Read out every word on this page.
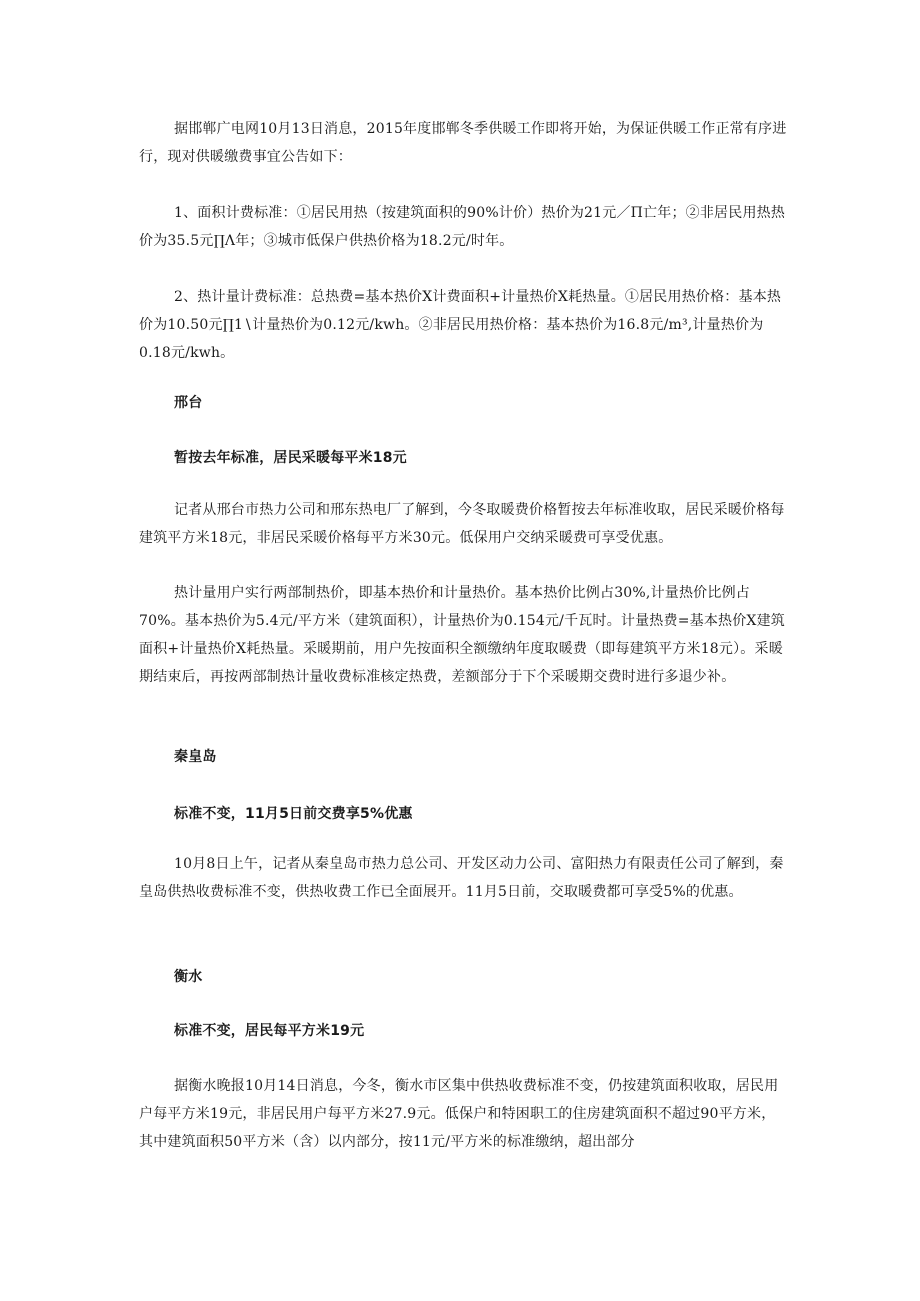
据邯郸广电网10月13日消息，2015年度邯郸冬季供暖工作即将开始，为保证供暖工作正常有序进行，现对供暖缴费事宜公告如下：

1、面积计费标准：①居民用热（按建筑面积的90%计价）热价为21元／Π亡年；②非居民用热热价为35.5元∏Λ年；③城市低保户供热价格为18.2元/时年。

2、热计量计费标准：总热费=基本热价X计费面积+计量热价X耗热量。①居民用热价格：基本热价为10.50元∏1∖计量热价为0.12元/kwh。②非居民用热价格：基本热价为16.8元/m³,计量热价为0.18元/kwh。

邢台

暂按去年标准，居民采暖每平米18元

记者从邢台市热力公司和邢东热电厂了解到，今冬取暖费价格暂按去年标准收取，居民采暖价格每建筑平方米18元，非居民采暖价格每平方米30元。低保用户交纳采暖费可享受优惠。

热计量用户实行两部制热价，即基本热价和计量热价。基本热价比例占30%,计量热价比例占70%。基本热价为5.4元/平方米（建筑面积），计量热价为0.154元/千瓦时。计量热费=基本热价X建筑面积+计量热价X耗热量。采暖期前，用户先按面积全额缴纳年度取暖费（即每建筑平方米18元）。采暖期结束后，再按两部制热计量收费标准核定热费，差额部分于下个采暖期交费时进行多退少补。

秦皇岛

标准不变，11月5日前交费享5%优惠

10月8日上午，记者从秦皇岛市热力总公司、开发区动力公司、富阳热力有限责任公司了解到，秦皇岛供热收费标准不变，供热收费工作已全面展开。11月5日前，交取暖费都可享受5%的优惠。

衡水

标准不变，居民每平方米19元

据衡水晚报10月14日消息，今冬，衡水市区集中供热收费标准不变，仍按建筑面积收取，居民用户每平方米19元，非居民用户每平方米27.9元。低保户和特困职工的住房建筑面积不超过90平方米，其中建筑面积50平方米（含）以内部分，按11元/平方米的标准缴纳，超出部分
